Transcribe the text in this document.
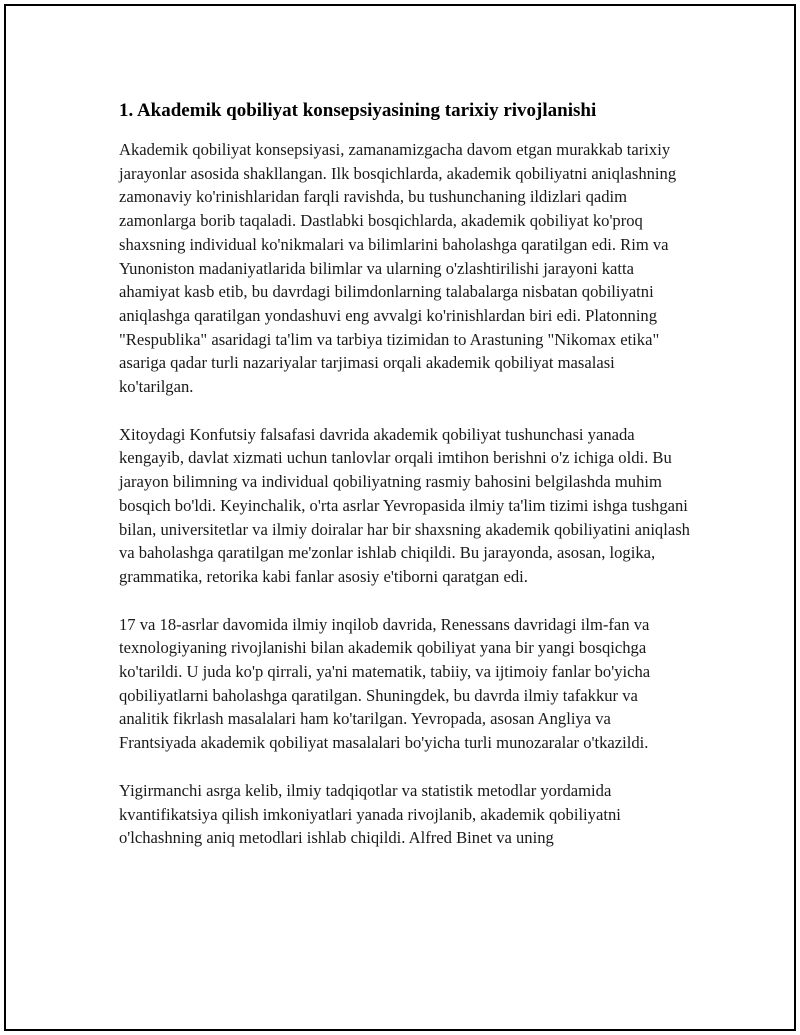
1. Akademik qobiliyat konsepsiyasining tarixiy rivojlanishi

Akademik qobiliyat konsepsiyasi, zamanamizgacha davom etgan murakkab tarixiy jarayonlar asosida shakllangan. Ilk bosqichlarda, akademik qobiliyatni aniqlashning zamonaviy ko'rinishlaridan farqli ravishda, bu tushunchaning ildizlari qadim zamonlarga borib taqaladi. Dastlabki bosqichlarda, akademik qobiliyat ko'proq shaxsning individual ko'nikmalari va bilimlarini baholashga qaratilgan edi. Rim va Yunoniston madaniyatlarida bilimlar va ularning o'zlashtirilishi jarayoni katta ahamiyat kasb etib, bu davrdagi bilimdonlarning talabalarga nisbatan qobiliyatni aniqlashga qaratilgan yondashuvi eng avvalgi ko'rinishlardan biri edi. Platonning "Respublika" asaridagi ta'lim va tarbiya tizimidan to Arastuning "Nikomax etika" asariga qadar turli nazariyalar tarjimasi orqali akademik qobiliyat masalasi ko'tarilgan.

Xitoydagi Konfutsiy falsafasi davrida akademik qobiliyat tushunchasi yanada kengayib, davlat xizmati uchun tanlovlar orqali imtihon berishni o'z ichiga oldi. Bu jarayon bilimning va individual qobiliyatning rasmiy bahosini belgilashda muhim bosqich bo'ldi. Keyinchalik, o'rta asrlar Yevropasida ilmiy ta'lim tizimi ishga tushgani bilan, universitetlar va ilmiy doiralar har bir shaxsning akademik qobiliyatini aniqlash va baholashga qaratilgan me'zonlar ishlab chiqildi. Bu jarayonda, asosan, logika, grammatika, retorika kabi fanlar asosiy e'tiborni qaratgan edi.

17 va 18-asrlar davomida ilmiy inqilob davrida, Renessans davridagi ilm-fan va texnologiyaning rivojlanishi bilan akademik qobiliyat yana bir yangi bosqichga ko'tarildi. U juda ko'p qirrali, ya'ni matematik, tabiiy, va ijtimoiy fanlar bo'yicha qobiliyatlarni baholashga qaratilgan. Shuningdek, bu davrda ilmiy tafakkur va analitik fikrlash masalalari ham ko'tarilgan. Yevropada, asosan Angliya va Frantsiyada akademik qobiliyat masalalari bo'yicha turli munozaralar o'tkazildi.

Yigirmanchi asrga kelib, ilmiy tadqiqotlar va statistik metodlar yordamida kvantifikatsiya qilish imkoniyatlari yanada rivojlanib, akademik qobiliyatni o'lchashning aniq metodlari ishlab chiqildi. Alfred Binet va uning
